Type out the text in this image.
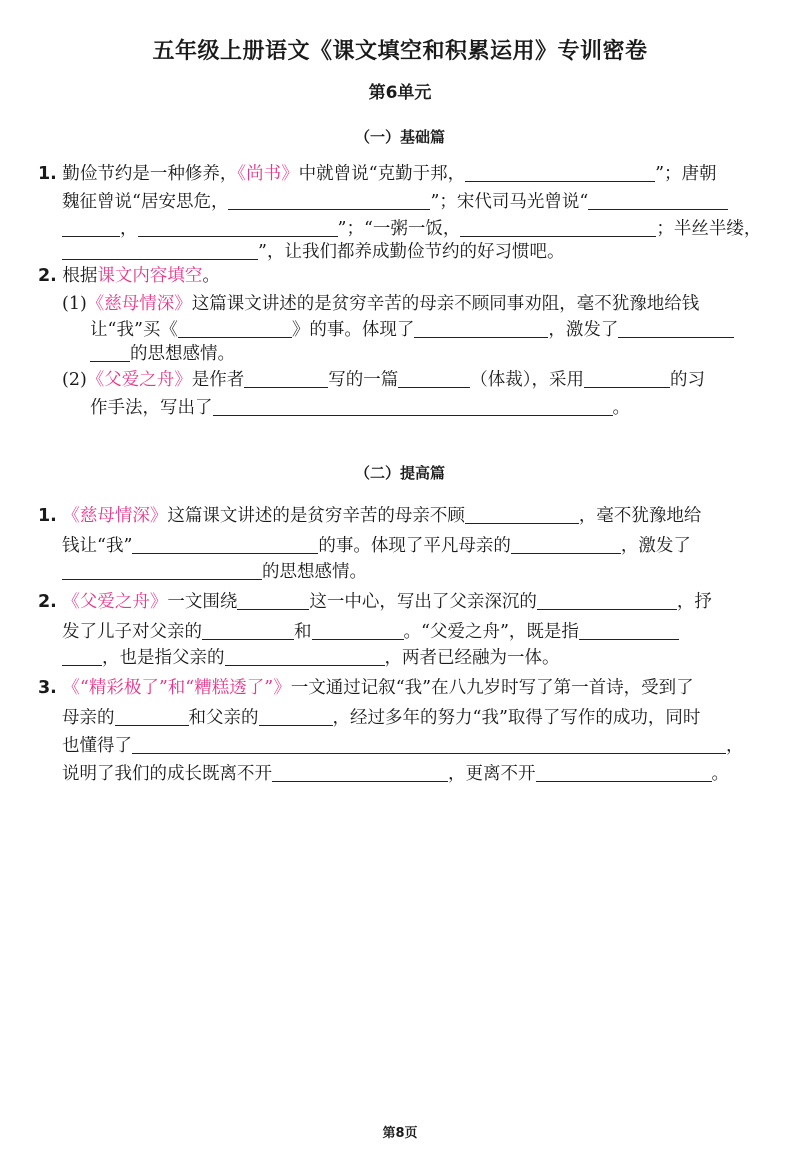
五年级上册语文《课文填空和积累运用》专训密卷
第6单元
（一）基础篇
1. 勤俭节约是一种修养，《尚书》中就曾说“克勤于邦，	”；唐朝
魏征曾说“居安思危，	”；宋代司马光曾说“
，	”；“一粥一饭，	；半丝半缕，
”，让我们都养成勤俭节约的好习惯吧。
2. 根据课文内容填空。
(1)《慈母情深》这篇课文讲述的是贫穷辛苦的母亲不顾同事劝阻，毫不犹豫地给钱
让“我”买《	》的事。体现了	，激发了
的思想感情。
(2)《父爱之舟》是作者	写的一篇	（体裁），采用	的习
作手法，写出了	。
（二）提高篇
1. 《慈母情深》这篇课文讲述的是贫穷辛苦的母亲不顾	，毫不犹豫地给
钱让“我”	的事。体现了平凡母亲的	，激发了
的思想感情。
2. 《父爱之舟》一文围绕	这一中心，写出了父亲深沉的	，抒
发了儿子对父亲的	和	。“父爱之舟”，既是指
，也是指父亲的	，两者已经融为一体。
3. 《“精彩极了”和“糟糕透了”》一文通过记叙“我”在八九岁时写了第一首诗，受到了
母亲的	和父亲的	，经过多年的努力“我”取得了写作的成功，同时
也懂得了	，
说明了我们的成长既离不开	，更离不开	。
第8页
